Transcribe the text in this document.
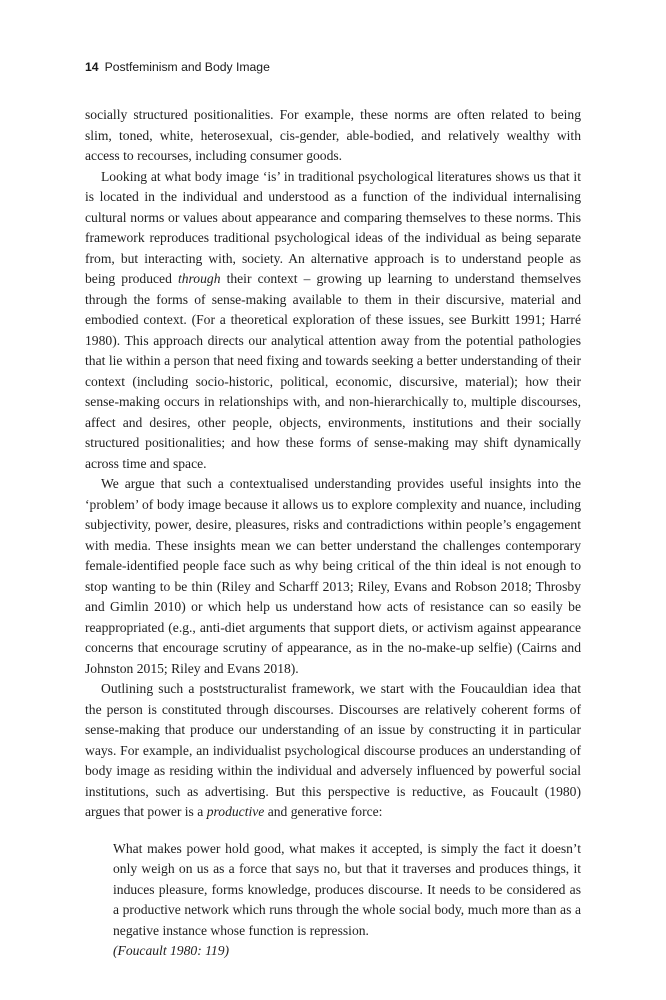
14 Postfeminism and Body Image

socially structured positionalities. For example, these norms are often related to being slim, toned, white, heterosexual, cis-gender, able-bodied, and relatively wealthy with access to recourses, including consumer goods.

Looking at what body image ‘is’ in traditional psychological literatures shows us that it is located in the individual and understood as a function of the individual internalising cultural norms or values about appearance and comparing themselves to these norms. This framework reproduces traditional psychological ideas of the individual as being separate from, but interacting with, society. An alternative approach is to understand people as being produced through their context – growing up learning to understand themselves through the forms of sense-making available to them in their discursive, material and embodied context. (For a theoretical exploration of these issues, see Burkitt 1991; Harré 1980). This approach directs our analytical attention away from the potential pathologies that lie within a person that need fixing and towards seeking a better understanding of their context (including socio-historic, political, economic, discursive, material); how their sense-making occurs in relationships with, and non-hierarchically to, multiple discourses, affect and desires, other people, objects, environments, institutions and their socially structured positionalities; and how these forms of sense-making may shift dynamically across time and space.

We argue that such a contextualised understanding provides useful insights into the ‘problem’ of body image because it allows us to explore complexity and nuance, including subjectivity, power, desire, pleasures, risks and contradictions within people’s engagement with media. These insights mean we can better understand the challenges contemporary female-identified people face such as why being critical of the thin ideal is not enough to stop wanting to be thin (Riley and Scharff 2013; Riley, Evans and Robson 2018; Throsby and Gimlin 2010) or which help us understand how acts of resistance can so easily be reappropriated (e.g., anti-diet arguments that support diets, or activism against appearance concerns that encourage scrutiny of appearance, as in the no-make-up selfie) (Cairns and Johnston 2015; Riley and Evans 2018).

Outlining such a poststructuralist framework, we start with the Foucauldian idea that the person is constituted through discourses. Discourses are relatively coherent forms of sense-making that produce our understanding of an issue by constructing it in particular ways. For example, an individualist psychological discourse produces an understanding of body image as residing within the individual and adversely influenced by powerful social institutions, such as advertising. But this perspective is reductive, as Foucault (1980) argues that power is a productive and generative force:

What makes power hold good, what makes it accepted, is simply the fact it doesn’t only weigh on us as a force that says no, but that it traverses and produces things, it induces pleasure, forms knowledge, produces discourse. It needs to be considered as a productive network which runs through the whole social body, much more than as a negative instance whose function is repression.

(Foucault 1980: 119)
